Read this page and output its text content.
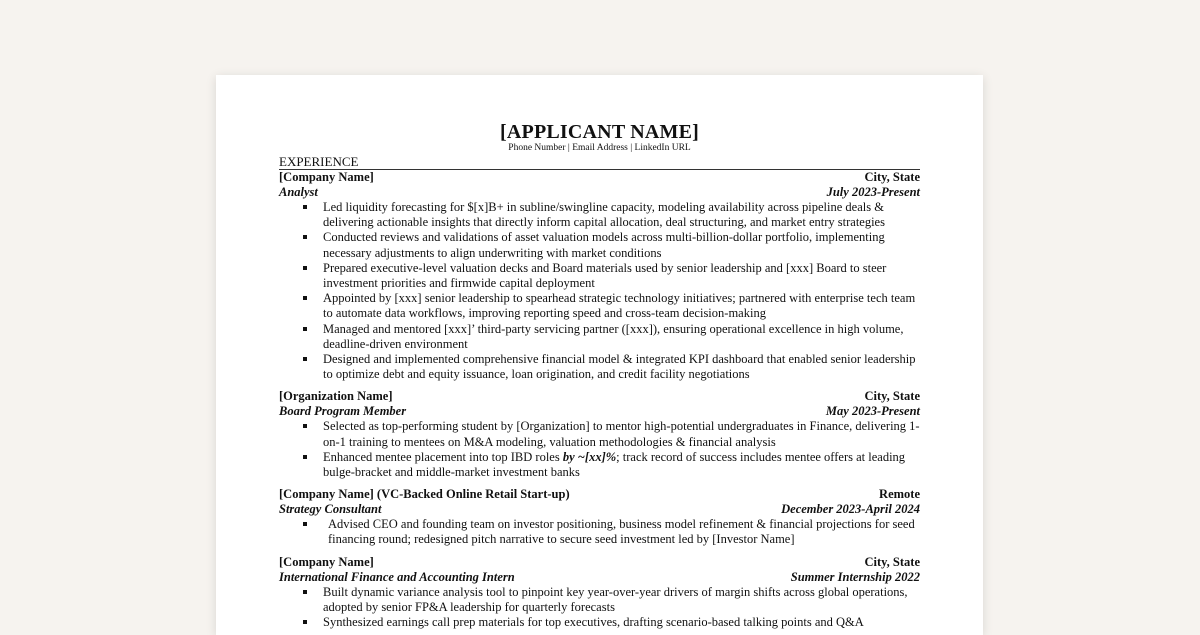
[APPLICANT NAME]
Phone Number | Email Address | LinkedIn URL
EXPERIENCE
[Company Name]	City, State
Analyst	July 2023-Present
Led liquidity forecasting for $[x]B+ in subline/swingline capacity, modeling availability across pipeline deals & delivering actionable insights that directly inform capital allocation, deal structuring, and market entry strategies
Conducted reviews and validations of asset valuation models across multi-billion-dollar portfolio, implementing necessary adjustments to align underwriting with market conditions
Prepared executive-level valuation decks and Board materials used by senior leadership and [xxx] Board to steer investment priorities and firmwide capital deployment
Appointed by [xxx] senior leadership to spearhead strategic technology initiatives; partnered with enterprise tech team to automate data workflows, improving reporting speed and cross-team decision-making
Managed and mentored [xxx]’ third-party servicing partner ([xxx]), ensuring operational excellence in high volume, deadline-driven environment
Designed and implemented comprehensive financial model & integrated KPI dashboard that enabled senior leadership to optimize debt and equity issuance, loan origination, and credit facility negotiations
[Organization Name]	City, State
Board Program Member	May 2023-Present
Selected as top-performing student by [Organization] to mentor high-potential undergraduates in Finance, delivering 1-on-1 training to mentees on M&A modeling, valuation methodologies & financial analysis
Enhanced mentee placement into top IBD roles by ~[xx]%; track record of success includes mentee offers at leading bulge-bracket and middle-market investment banks
[Company Name] (VC-Backed Online Retail Start-up)	Remote
Strategy Consultant	December 2023-April 2024
Advised CEO and founding team on investor positioning, business model refinement & financial projections for seed financing round; redesigned pitch narrative to secure seed investment led by [Investor Name]
[Company Name]	City, State
International Finance and Accounting Intern	Summer Internship 2022
Built dynamic variance analysis tool to pinpoint key year-over-year drivers of margin shifts across global operations, adopted by senior FP&A leadership for quarterly forecasts
Synthesized earnings call prep materials for top executives, drafting scenario-based talking points and Q&A
